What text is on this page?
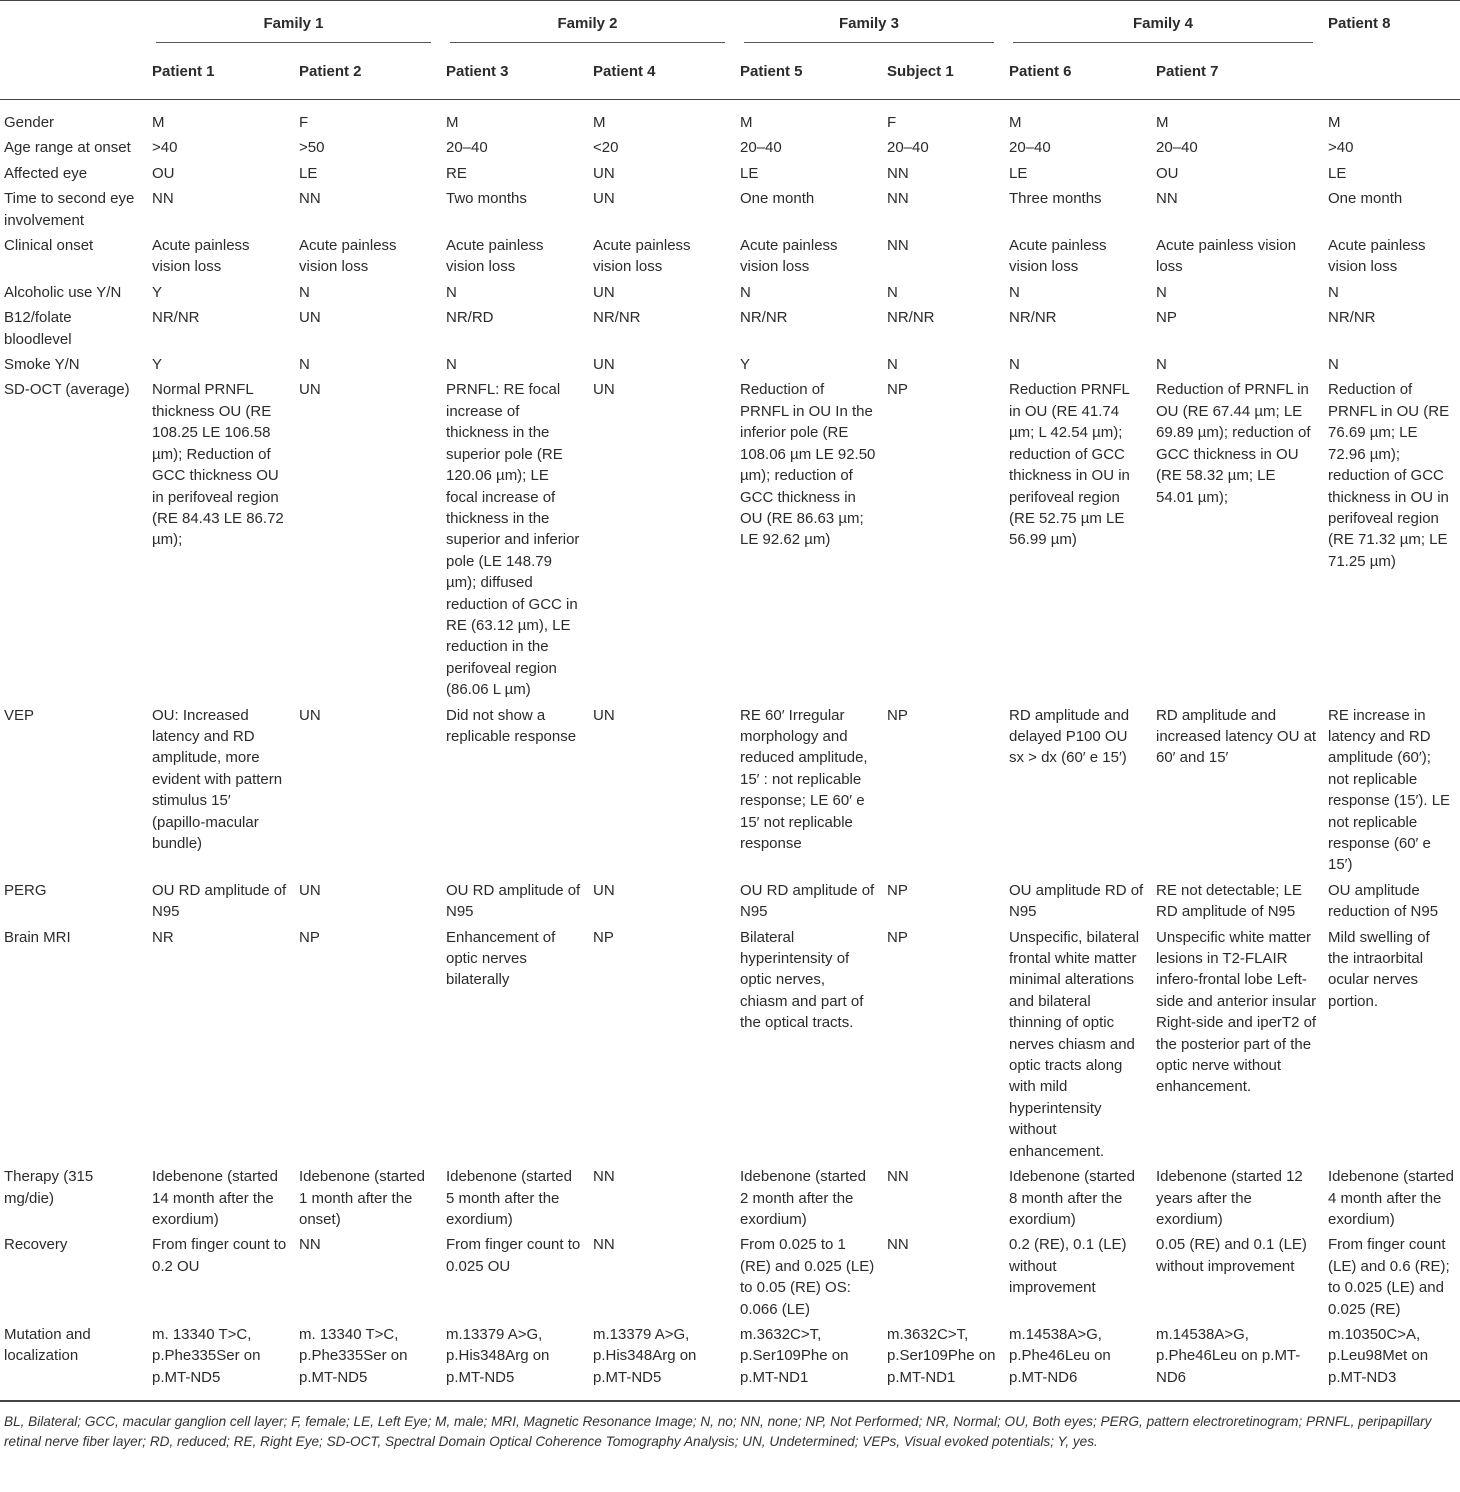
	Family 1		Family 2		Family 3		Family 4		Patient 8
	Patient 1	Patient 2	Patient 3	Patient 4	Patient 5	Subject 1	Patient 6	Patient 7	
Gender	M	F	M	M	M	F	M	M	M
Age range at onset	>40	>50	20–40	<20	20–40	20–40	20–40	20–40	>40
Affected eye	OU	LE	RE	UN	LE	NN	LE	OU	LE
Time to second eye involvement	NN	NN	Two months	UN	One month	NN	Three months	NN	One month
Clinical onset	Acute painless vision loss	Acute painless vision loss	Acute painless vision loss	Acute painless vision loss	Acute painless vision loss	NN	Acute painless vision loss	Acute painless vision loss	Acute painless vision loss
Alcoholic use Y/N	Y	N	N	UN	N	N	N	N	N
B12/folate bloodlevel	NR/NR	UN	NR/RD	NR/NR	NR/NR	NR/NR	NR/NR	NP	NR/NR
Smoke Y/N	Y	N	N	UN	Y	N	N	N	N
SD-OCT (average)	Normal PRNFL thickness OU (RE 108.25 LE 106.58 µm); Reduction of GCC thickness OU in perifoveal region (RE 84.43 LE 86.72 µm);	UN	PRNFL: RE focal increase of thickness in the superior pole (RE 120.06 µm); LE focal increase of thickness in the superior and inferior pole (LE 148.79 µm); diffused reduction of GCC in RE (63.12 µm), LE reduction in the perifoveal region (86.06 L µm)	UN	Reduction of PRNFL in OU In the inferior pole (RE 108.06 µm LE 92.50 µm); reduction of GCC thickness in OU (RE 86.63 µm; LE 92.62 µm)	NP	Reduction PRNFL in OU (RE 41.74 µm; L 42.54 µm); reduction of GCC thickness in OU in perifoveal region (RE 52.75 µm LE 56.99 µm)	Reduction of PRNFL in OU (RE 67.44 µm; LE 69.89 µm); reduction of GCC thickness in OU (RE 58.32 µm; LE 54.01 µm);	Reduction of PRNFL in OU (RE 76.69 µm; LE 72.96 µm); reduction of GCC thickness in OU in perifoveal region (RE 71.32 µm; LE 71.25 µm)
VEP	OU: Increased latency and RD amplitude, more evident with pattern stimulus 15′ (papillo-macular bundle)	UN	Did not show a replicable response	UN	RE 60′ Irregular morphology and reduced amplitude, 15′ : not replicable response; LE 60′ e 15′ not replicable response	NP	RD amplitude and delayed P100 OU sx > dx (60′ e 15′)	RD amplitude and increased latency OU at 60′ and 15′	RE increase in latency and RD amplitude (60′); not replicable response (15′). LE not replicable response (60′ e 15′)
PERG	OU RD amplitude of N95	UN	OU RD amplitude of N95	UN	OU RD amplitude of N95	NP	OU amplitude RD of N95	RE not detectable; LE RD amplitude of N95	OU amplitude reduction of N95
Brain MRI	NR	NP	Enhancement of optic nerves bilaterally	NP	Bilateral hyperintensity of optic nerves, chiasm and part of the optical tracts.	NP	Unspecific, bilateral frontal white matter minimal alterations and bilateral thinning of optic nerves chiasm and optic tracts along with mild hyperintensity without enhancement.	Unspecific white matter lesions in T2-FLAIR infero-frontal lobe Left-side and anterior insular Right-side and iperT2 of the posterior part of the optic nerve without enhancement.	Mild swelling of the intraorbital ocular nerves portion.
Therapy (315 mg/die)	Idebenone (started 14 month after the exordium)	Idebenone (started 1 month after the onset)	Idebenone (started 5 month after the exordium)	NN	Idebenone (started 2 month after the exordium)	NN	Idebenone (started 8 month after the exordium)	Idebenone (started 12 years after the exordium)	Idebenone (started 4 month after the exordium)
Recovery	From finger count to 0.2 OU	NN	From finger count to 0.025 OU	NN	From 0.025 to 1 (RE) and 0.025 (LE) to 0.05 (RE) OS: 0.066 (LE)	NN	0.2 (RE), 0.1 (LE) without improvement	0.05 (RE) and 0.1 (LE) without improvement	From finger count (LE) and 0.6 (RE); to 0.025 (LE) and 0.025 (RE)
Mutation and localization	m. 13340 T>C, p.Phe335Ser on p.MT-ND5	m. 13340 T>C, p.Phe335Ser on p.MT-ND5	m.13379 A>G, p.His348Arg on p.MT-ND5	m.13379 A>G, p.His348Arg on p.MT-ND5	m.3632C>T, p.Ser109Phe on p.MT-ND1	m.3632C>T, p.Ser109Phe on p.MT-ND1	m.14538A>G, p.Phe46Leu on p.MT-ND6	m.14538A>G, p.Phe46Leu on p.MT-ND6	m.10350C>A, p.Leu98Met on p.MT-ND3
BL, Bilateral; GCC, macular ganglion cell layer; F, female; LE, Left Eye; M, male; MRI, Magnetic Resonance Image; N, no; NN, none; NP, Not Performed; NR, Normal; OU, Both eyes; PERG, pattern electroretinogram; PRNFL, peripapillary retinal nerve fiber layer; RD, reduced; RE, Right Eye; SD-OCT, Spectral Domain Optical Coherence Tomography Analysis; UN, Undetermined; VEPs, Visual evoked potentials; Y, yes.
